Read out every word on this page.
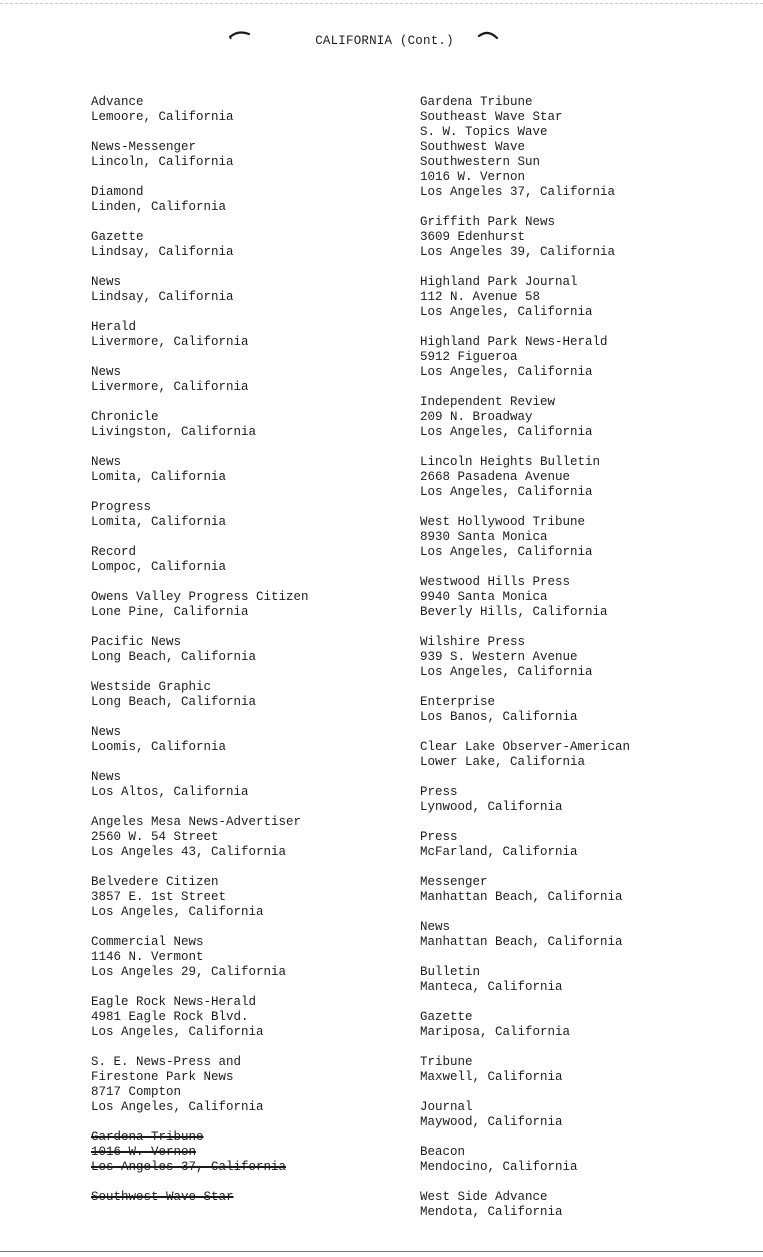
CALIFORNIA (Cont.)
Advance
Lemoore, California
News-Messenger
Lincoln, California
Diamond
Linden, California
Gazette
Lindsay, California
News
Lindsay, California
Herald
Livermore, California
News
Livermore, California
Chronicle
Livingston, California
News
Lomita, California
Progress
Lomita, California
Record
Lompoc, California
Owens Valley Progress Citizen
Lone Pine, California
Pacific News
Long Beach, California
Westside Graphic
Long Beach, California
News
Loomis, California
News
Los Altos, California
Angeles Mesa News-Advertiser
2560 W. 54 Street
Los Angeles 43, California
Belvedere Citizen
3857 E. 1st Street
Los Angeles, California
Commercial News
1146 N. Vermont
Los Angeles 29, California
Eagle Rock News-Herald
4981 Eagle Rock Blvd.
Los Angeles, California
S. E. News-Press and
Firestone Park News
8717 Compton
Los Angeles, California
Gardena Tribune
1016 W. Vernon
Los Angeles 37, California
Southwest Wave Star
Gardena Tribune
Southeast Wave Star
S. W. Topics Wave
Southwest Wave
Southwestern Sun
1016 W. Vernon
Los Angeles 37, California
Griffith Park News
3609 Edenhurst
Los Angeles 39, California
Highland Park Journal
112 N. Avenue 58
Los Angeles, California
Highland Park News-Herald
5912 Figueroa
Los Angeles, California
Independent Review
209 N. Broadway
Los Angeles, California
Lincoln Heights Bulletin
2668 Pasadena Avenue
Los Angeles, California
West Hollywood Tribune
8930 Santa Monica
Los Angeles, California
Westwood Hills Press
9940 Santa Monica
Beverly Hills, California
Wilshire Press
939 S. Western Avenue
Los Angeles, California
Enterprise
Los Banos, California
Clear Lake Observer-American
Lower Lake, California
Press
Lynwood, California
Press
McFarland, California
Messenger
Manhattan Beach, California
News
Manhattan Beach, California
Bulletin
Manteca, California
Gazette
Mariposa, California
Tribune
Maxwell, California
Journal
Maywood, California
Beacon
Mendocino, California
West Side Advance
Mendota, California
